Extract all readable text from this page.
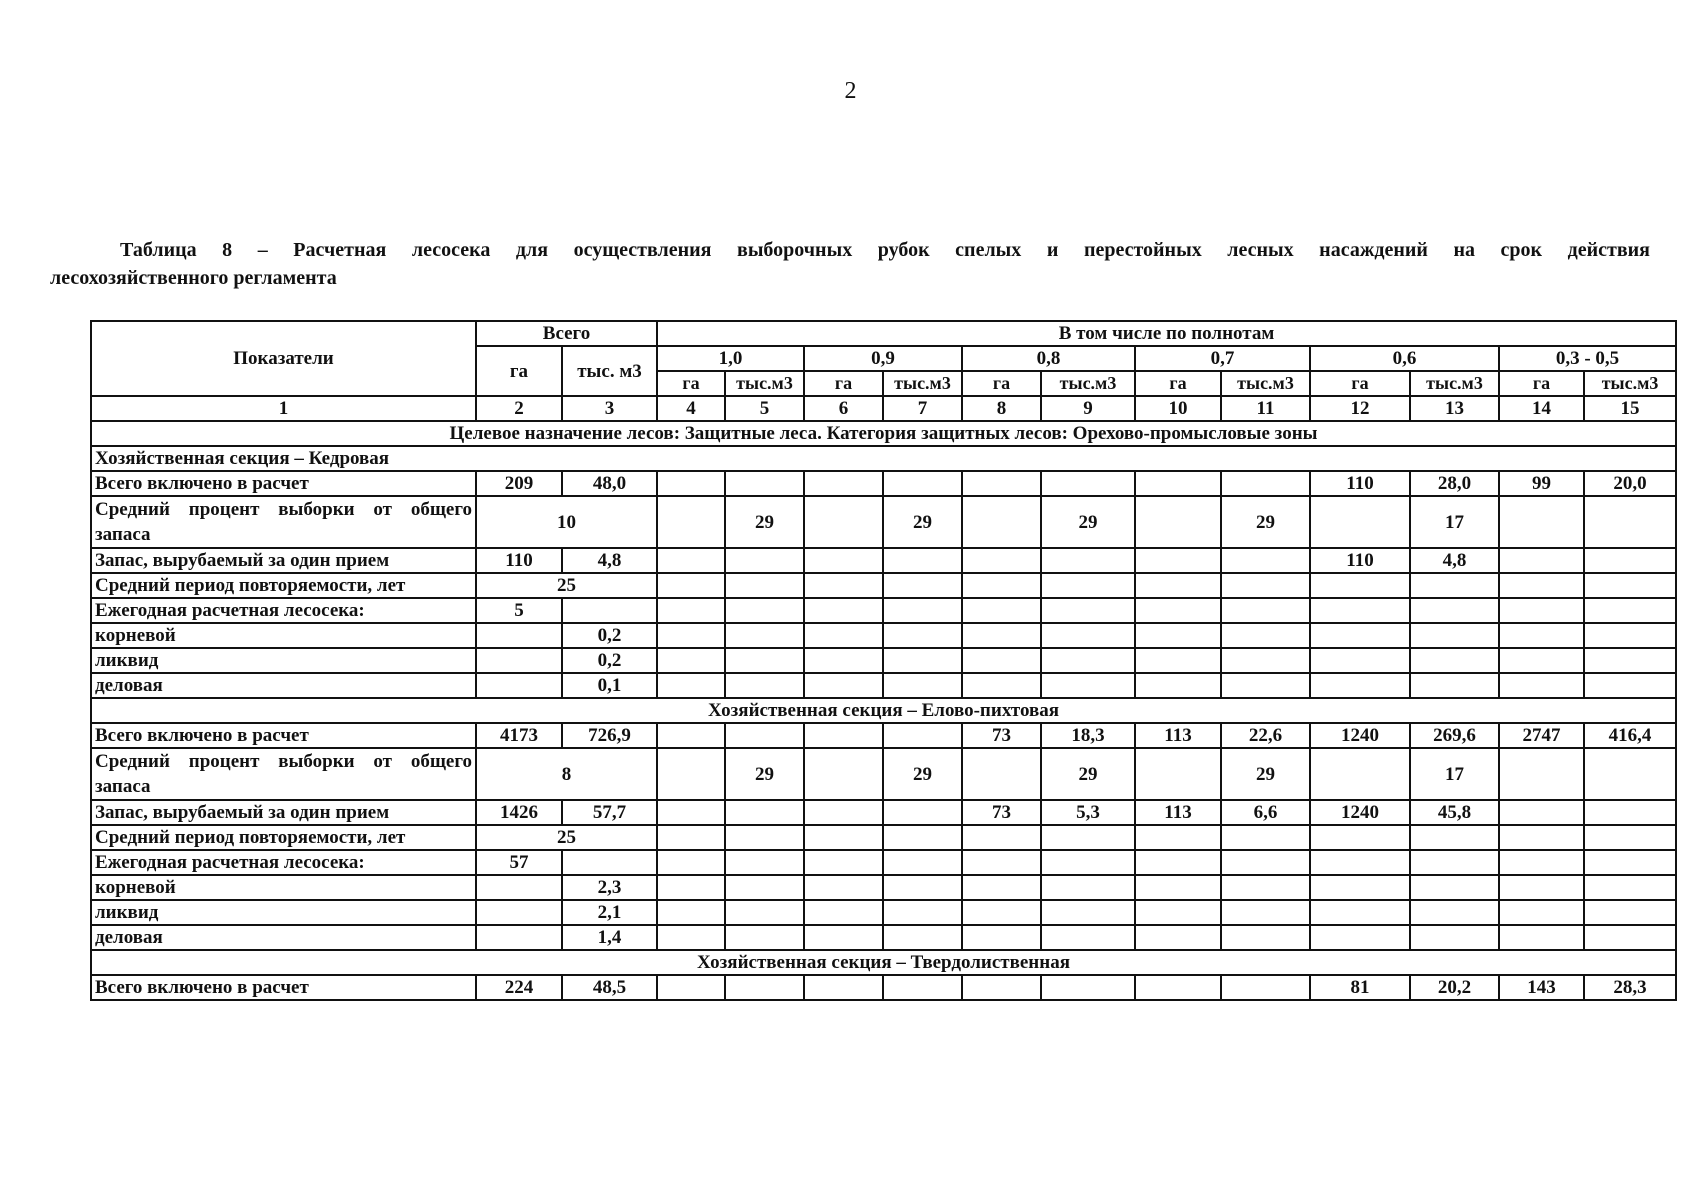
2
Таблица 8 – Расчетная лесосека для осуществления выборочных рубок спелых и перестойных лесных насаждений на срок действия
лесохозяйственного регламента
Показатели	Всего		В том числе по полнотам											
	га	тыс. м3	1,0		0,9		0,8		0,7		0,6		0,3 - 0,5	
			га	тыс.м3	га	тыс.м3	га	тыс.м3	га	тыс.м3	га	тыс.м3	га	тыс.м3
1	2	3	4	5	6	7	8	9	10	11	12	13	14	15
Целевое назначение лесов: Защитные леса. Категория защитных лесов: Орехово-промысловые зоны														
Хозяйственная секция – Кедровая														
Всего включено в расчет	209	48,0									110	28,0	99	20,0
Средний процент выборки от общего запаса	10			29		29		29		29		17		
Запас, вырубаемый за один прием	110	4,8									110	4,8		
Средний период повторяемости, лет	25													
Ежегодная расчетная лесосека:	5													
корневой		0,2												
ликвид		0,2												
деловая		0,1												
Хозяйственная секция – Елово-пихтовая														
Всего включено в расчет	4173	726,9					73	18,3	113	22,6	1240	269,6	2747	416,4
Средний процент выборки от общего запаса	8			29		29		29		29		17		
Запас, вырубаемый за один прием	1426	57,7					73	5,3	113	6,6	1240	45,8		
Средний период повторяемости, лет	25													
Ежегодная расчетная лесосека:	57													
корневой		2,3												
ликвид		2,1												
деловая		1,4												
Хозяйственная секция – Твердолиственная														
Всего включено в расчет	224	48,5									81	20,2	143	28,3
